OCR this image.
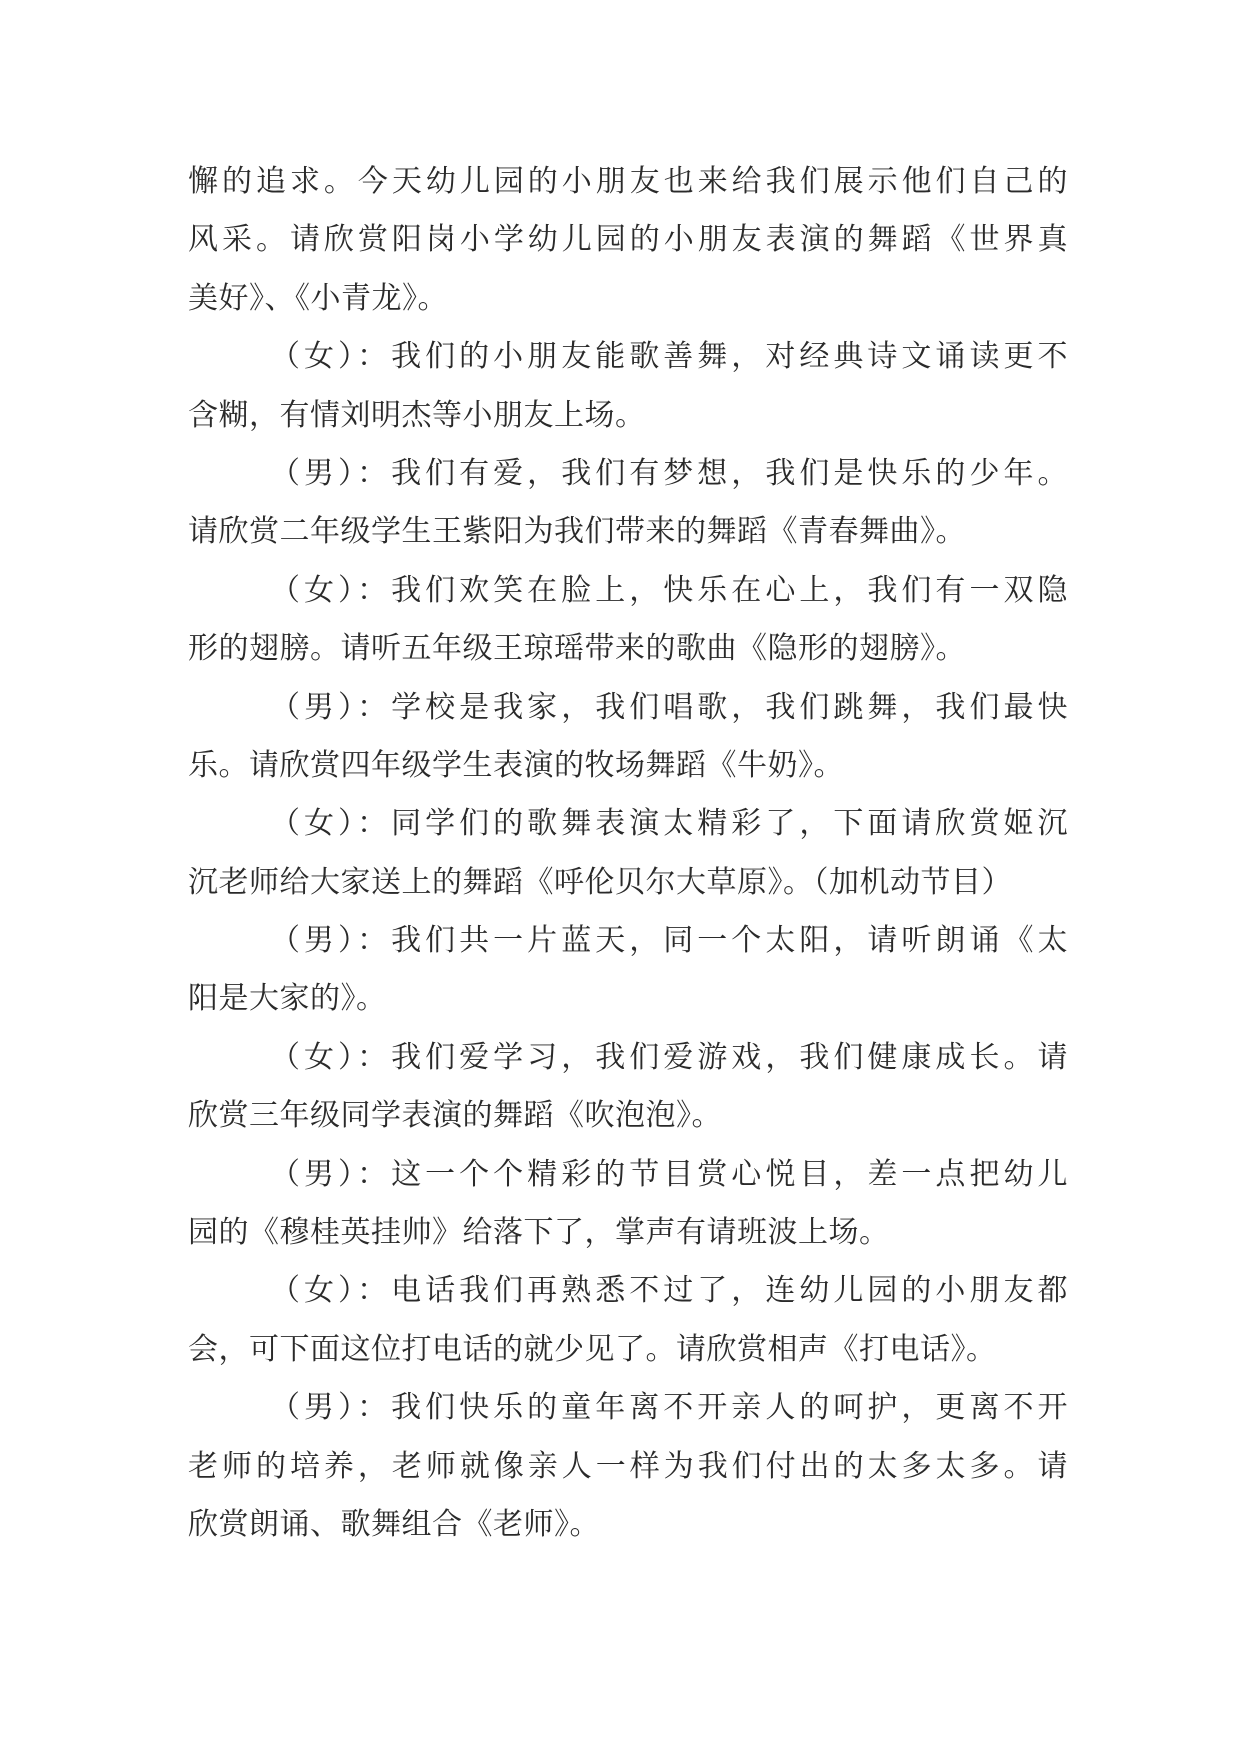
懈的追求。今天幼儿园的小朋友也来给我们展示他们自己的
风采。请欣赏阳岗小学幼儿园的小朋友表演的舞蹈《世界真
美好》、《小青龙》。
（女）：我们的小朋友能歌善舞，对经典诗文诵读更不
含糊，有情刘明杰等小朋友上场。
（男）：我们有爱，我们有梦想，我们是快乐的少年。
请欣赏二年级学生王紫阳为我们带来的舞蹈《青春舞曲》。
（女）：我们欢笑在脸上，快乐在心上，我们有一双隐
形的翅膀。请听五年级王琼瑶带来的歌曲《隐形的翅膀》。
（男）：学校是我家，我们唱歌，我们跳舞，我们最快
乐。请欣赏四年级学生表演的牧场舞蹈《牛奶》。
（女）：同学们的歌舞表演太精彩了，下面请欣赏姬沉
沉老师给大家送上的舞蹈《呼伦贝尔大草原》。（加机动节目）
（男）：我们共一片蓝天，同一个太阳，请听朗诵《太
阳是大家的》。
（女）：我们爱学习，我们爱游戏，我们健康成长。请
欣赏三年级同学表演的舞蹈《吹泡泡》。
（男）：这一个个精彩的节目赏心悦目，差一点把幼儿
园的《穆桂英挂帅》给落下了，掌声有请班波上场。
（女）：电话我们再熟悉不过了，连幼儿园的小朋友都
会，可下面这位打电话的就少见了。请欣赏相声《打电话》。
（男）：我们快乐的童年离不开亲人的呵护，更离不开
老师的培养，老师就像亲人一样为我们付出的太多太多。请
欣赏朗诵、歌舞组合《老师》。
